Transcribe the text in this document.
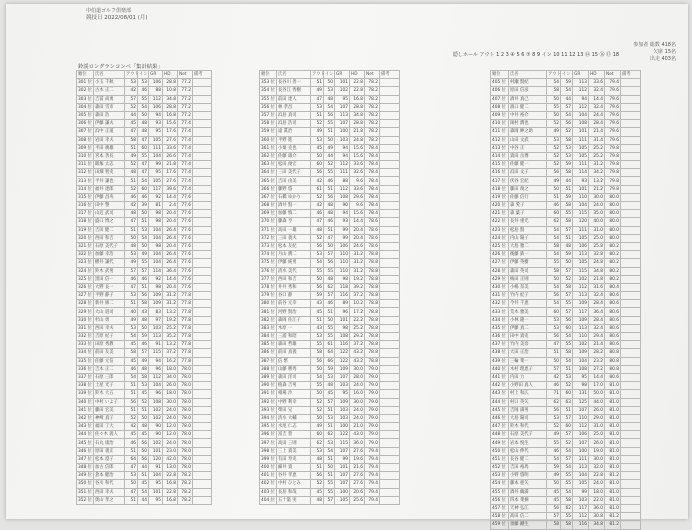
中伯道ゴルフ倶楽部
競技日 2022/08/01 (月)
参加者 総数 418名
欠席 15名
出走 403名
隠しホール アウト 1 2 3 ④ 5 6 ⑦ 8 9 イン 10 11 12 13 ⑭ 15 ⑯ ⑰ 18
鈴渓ロングランコンペ「集計結果」
順位	氏名	アウト	イン	GR	HD	Net	備考
301 位	小玉 千秋	53	53	106	28.8	77.2	
302 位	古木 正二	42	46	88	10.8	77.2	
303 位	吉冨 尚勇	57	55	112	34.8	77.2	
304 位	森田 雪市	52	54	106	28.8	77.2	
305 位	森田 浩	44	50	94	16.8	77.2	
306 位	伊藤 謙夫	45	48	93	15.6	77.4	
307 位	浜中 正道	47	48	95	17.6	77.4	
308 位	岩田 幸夫	58	47	105	27.6	77.4	
309 位	平田 廣雄	51	60	111	33.6	77.4	
310 位	宮本 善長	49	55	104	26.6	77.4	
311 位	飯塚 太志	52	47	99	21.8	77.4	
312 位	田畑 智史	48	47	95	17.6	77.4	
313 位	平井 謙也	51	54	105	27.6	77.4	
314 位	福井 達郎	52	60	117	39.6	77.4	
315 位	伊藤 昌央	46	46	92	14.4	77.6	
316 位	田中 譽	42	39	81	2.4	77.6	
317 位	山辺 武司	48	50	98	20.4	77.6	
318 位	盛口 博之	47	51	98	20.4	77.6	
319 位	吉田 健二	51	53	104	26.4	77.6	
320 位	西田 和吉	50	54	104	26.4	77.6	
321 位	石原 美代子	48	50	98	20.4	77.6	
322 位	加藤 幸浩	53	49	104	26.4	77.6	
323 位	横井 謙代	49	55	104	26.4	77.6	
324 位	鈴木 武男	57	57	114	36.4	77.6	
325 位	黒田 信一	46	46	92	14.4	77.6	
326 位	大野 長一	47	51	98	20.4	77.6	
327 位	平野 静子	53	56	109	31.2	77.8	
328 位	新井 修二	51	58	109	31.2	77.8	
329 位	大山 道司	40	43	83	13.2	77.8	
330 位	杉山 勇	49	48	97	19.2	77.8	
331 位	西田 幸夫	53	50	103	25.2	77.8	
332 位	吉原 紀子	54	59	113	35.2	77.8	
333 位	田原 秀教	45	46	91	13.2	77.8	
334 位	前田 友美	58	57	115	37.2	77.8	
335 位	佐藤 元信	45	49	94	16.2	77.8	
336 位	吉木 正二	46	48	96	18.0	78.0	
337 位	石原 三郎	54	58	112	34.0	78.0	
338 位	土屋 光子	51	53	104	26.0	78.0	
339 位	鈴木 大五	51	45	96	18.0	78.0	
340 位	中村 いよ子	56	52	108	30.0	78.0	
341 位	藤田 宏美	51	51	102	24.0	78.0	
342 位	神崎 真子	52	50	102	24.0	78.0	
343 位	福田 丁大	42	48	90	12.0	78.0	
344 位	佐々木 義人	45	45	90	12.0	78.0	
345 位	石丸 康治	46	56	102	24.0	78.0	
346 位	原田 義正	51	50	101	23.0	78.0	
347 位	松本 澄子	64	56	120	42.0	78.0	
348 位	加古 信郎	47	44	91	13.0	78.0	
349 位	倉本 健治	53	51	104	22.8	78.2	
350 位	谷川 和代	50	45	95	16.8	78.2	
351 位	西田 幸夫	47	54	101	22.8	78.2	
352 位	奥山 孝之	51	44	95	16.8	78.2	
順位	氏名	アウト	イン	GR	HD	Net	備考
353 位	長谷川 善一	51	50	101	22.8	78.2	
354 位	長谷江 秀樹	49	53	102	22.8	78.2	
355 位	前田 達人	47	48	95	16.8	78.2	
356 位	林 孝昌	53	54	107	28.8	78.2	
357 位	浜島 真司	51	56	113	34.8	78.2	
358 位	浜島 浩司	52	55	107	28.8	78.2	
359 位	遠 眞治	49	51	100	21.8	78.2	
360 位	平野 進	53	50	103	24.8	78.2	
361 位	小栗 克也	45	49	94	15.6	78.4	
362 位	佐藤 雄介	50	44	94	15.6	78.4	
363 位	松田 俊宏	60	52	112	33.6	78.4	
364 位	三田 美代子	56	55	111	32.6	78.4	
365 位	吉田 由美	42	46	88	9.6	78.4	
366 位	藤野 悠	61	51	112	33.6	78.4	
367 位	石橋 ゆかり	52	56	108	29.6	78.4	
368 位	酒井 賢一	42	48	90	9.6	78.4	
369 位	加藤 慎二	46	48	94	15.6	78.4	
370 位	藤森 亨	47	46	93	14.4	78.6	
371 位	高田 一雄	48	51	99	20.4	78.6	
372 位	三田 義夫	52	47	99	20.4	78.6	
373 位	松本 友紀	56	50	106	24.6	78.6	
374 位	月山 潤二	53	57	110	31.2	78.8	
375 位	伊藤 純男	54	56	110	31.2	78.8	
376 位	清水 美代	55	55	110	31.2	78.8	
377 位	西田 和吉	50	48	98	19.2	78.8	
378 位	井井 秀和	56	62	118	39.2	78.8	
379 位	谷口 静	59	57	116	37.2	78.8	
380 位	前谷 元幸	43	46	89	10.2	78.8	
381 位	河野 賢治	45	51	96	17.2	78.8	
382 位	森岡 佐江子	51	50	101	22.2	78.8	
383 位	木原 一	43	55	98	25.2	78.8	
384 位	三浦 和昭	53	55	108	29.2	78.8	
385 位	森田 哲雄	55	61	116	37.2	78.8	
386 位	前田 真義	58	64	122	43.2	78.8	
387 位	信 繁	56	66	122	43.2	78.8	
388 位	山藤 勝秀	50	59	109	30.0	79.0	
389 位	森田 洋司	54	53	107	28.0	79.0	
390 位	植森 吉男	55	48	103	24.0	79.0	
391 位	相場 沙	50	45	95	16.0	79.0	
392 位	中野 利幸	52	57	109	30.0	79.0	
393 位	柴田 兄	52	51	103	24.0	79.0	
394 位	清水 大輔	50	53	103	24.0	79.0	
395 位	水尾 仁志	49	51	100	21.0	79.0	
396 位	富吉 豊	60	62	122	43.0	79.0	
397 位	高田 三則	62	53	115	36.0	79.0	
398 位	三上 貴美	53	54	107	27.6	79.4	
399 位	有田 寿史	48	51	99	19.6	79.4	
400 位	細井 貴	51	50	101	21.6	79.4	
401 位	谷井 孝恵	56	51	107	27.6	79.4	
402 位	中村 ひとみ	52	55	107	27.6	79.4	
403 位	長島 和哉	45	55	100	20.6	79.4	
404 位	五十嵐 実	48	57	105	25.6	79.4	
順位	氏名	アウト	イン	GR	HD	Net	備考
405 位	村瀬 賢紀	54	59	113	33.6	79.4	
406 位	原田 信彦	58	54	112	32.4	79.6	
407 位	酒井 真己	50	44	94	14.4	79.6	
408 位	濱口 健二	55	57	112	32.4	79.6	
409 位	中井 裕介	50	54	104	24.4	79.6	
410 位	岡村 潤也	52	56	108	28.4	79.6	
411 位	森岡 紳之助	49	52	101	21.4	79.6	
412 位	山田 文武	53	58	111	31.4	79.6	
413 位	中谷 正	52	53	105	25.2	79.8	
414 位	貴田 岳博	52	53	105	25.2	79.8	
415 位	佐藤 健一	52	59	111	31.2	79.8	
416 位	浜田 文子	56	58	114	34.2	79.8	
417 位	伏谷 宏紀	49	44	93	13.2	79.8	
418 位	藤田 俊之	50	51	101	21.2	79.8	
419 位	佐藤 信行	51	59	110	30.0	80.0	
420 位	森 愛子	46	58	104	24.0	80.0	
421 位	森 葉子	60	55	115	35.0	80.0	
422 位	長井 重光	62	58	120	40.0	80.0	
423 位	松島 賢	54	57	111	31.0	80.0	
424 位	内山 陽子	54	51	105	25.0	80.0	
425 位	大島 雅二	58	48	106	25.8	80.2	
426 位	後藤 鉄一	54	59	113	32.8	80.2	
427 位	伊藤 英樹	55	50	105	24.8	80.2	
428 位	森田 英司	58	57	115	34.8	80.2	
429 位	梅田 正則	50	52	102	21.8	80.2	
430 位	小嶋 奈美	54	58	112	31.6	80.4	
431 位	竹内 紀子	56	57	113	32.4	80.6	
432 位	今井 千恵	54	55	109	28.4	80.6	
433 位	荒木 雅美	60	57	117	36.4	80.6	
434 位	小林 隆一	53	56	109	28.4	80.6	
435 位	伊藤 真二	53	60	113	32.4	80.6	
436 位	田中 貴史	56	54	110	29.4	80.6	
437 位	竹内 美奈	47	55	102	21.4	80.6	
438 位	大田 正治	51	58	109	28.2	80.8	
439 位	三輪 菜一	50	54	104	23.2	80.8	
440 位	木村 理恵子	57	51	108	27.2	80.8	
441 位	内田 力	42	53	95	14.4	80.6	
442 位	小野田 真人	46	52	98	17.0	81.0	
443 位	村上 和広	71	60	131	50.0	81.0	
444 位	村口 英矢	62	63	125	44.0	81.0	
445 位	吉岡 満男	56	51	107	26.0	81.0	
446 位	大島 陽司	53	57	110	29.0	81.0	
447 位	鈴木 和代	52	60	112	31.0	81.0	
448 位	石原 美代子	49	57	106	25.0	81.0	
449 位	岩本 悦生	55	52	107	26.0	81.0	
450 位	松山 伸代	46	54	100	19.0	81.0	
451 位	長谷 健二	54	57	111	30.0	81.0	
452 位	吉田 裕馬	59	54	113	32.0	81.0	
453 位	小野 悠明	49	55	104	22.8	81.2	
454 位	藤本 亜矢	50	55	105	24.0	81.0	
455 位	酒井 鶴満	45	54	99	18.0	81.0	
456 位	四本 菜摘	45	58	103	22.0	81.0	
457 位	天神 弘江	56	62	117	36.0	81.0	
458 位	高田 信二	57	55	112	30.8	81.2	
459 位	須藤 剛生	58	58	116	34.8	81.2	
